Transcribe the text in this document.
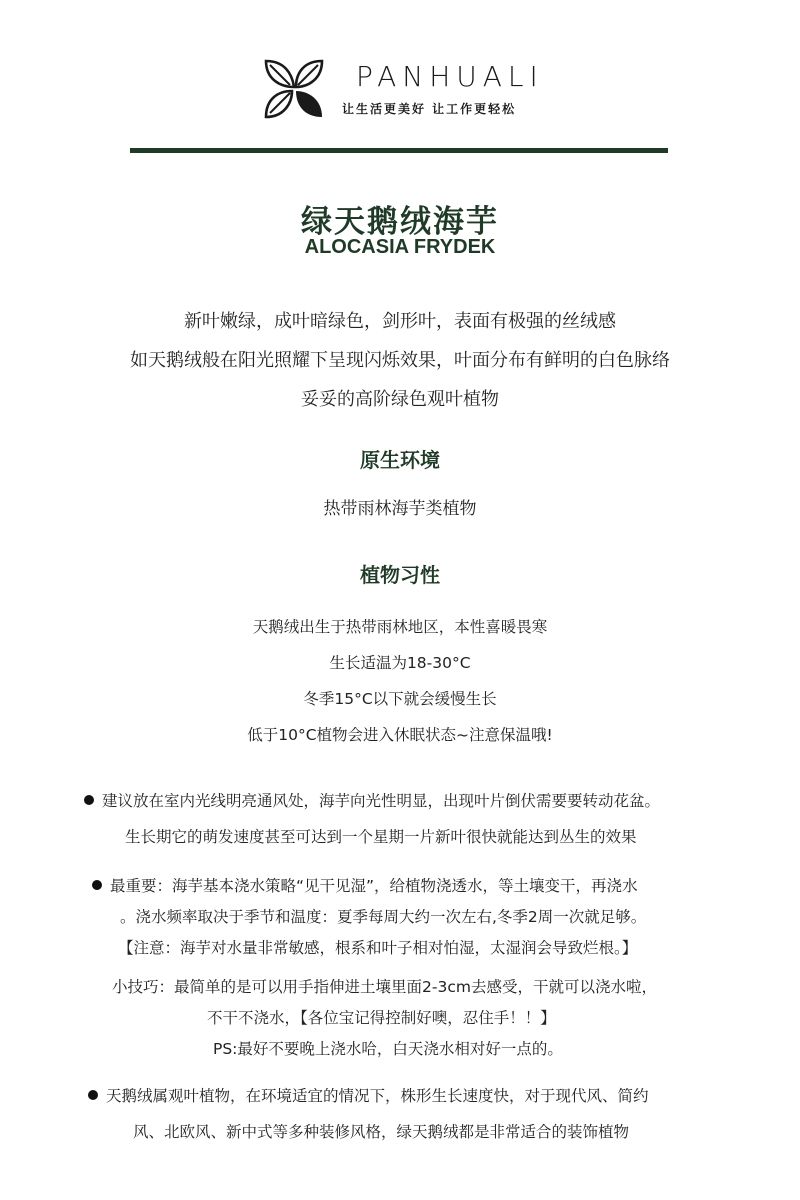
PANHUALI
让生活更美好 让工作更轻松
绿天鹅绒海芋
ALOCASIA FRYDEK
新叶嫩绿，成叶暗绿色，剑形叶，表面有极强的丝绒感
如天鹅绒般在阳光照耀下呈现闪烁效果，叶面分布有鲜明的白色脉络
妥妥的高阶绿色观叶植物
原生环境
热带雨林海芋类植物
植物习性
天鹅绒出生于热带雨林地区，本性喜暖畏寒
生长适温为18-30°C
冬季15°C以下就会缓慢生长
低于10°C植物会进入休眠状态~注意保温哦!
建议放在室内光线明亮通风处，海芋向光性明显，出现叶片倒伏需要要转动花盆。
生长期它的萌发速度甚至可达到一个星期一片新叶很快就能达到丛生的效果
最重要：海芋基本浇水策略“见干见湿”，给植物浇透水，等土壤变干，再浇水
。浇水频率取决于季节和温度：夏季每周大约一次左右,冬季2周一次就足够。
【注意：海芋对水量非常敏感，根系和叶子相对怕湿，太湿润会导致烂根。】
小技巧：最简单的是可以用手指伸进土壤里面2-3cm去感受，干就可以浇水啦，
不干不浇水，【各位宝记得控制好噢，忍住手！！】
PS:最好不要晚上浇水哈，白天浇水相对好一点的。
天鹅绒属观叶植物，在环境适宜的情况下，株形生长速度快，对于现代风、简约
风、北欧风、新中式等多种装修风格，绿天鹅绒都是非常适合的装饰植物
